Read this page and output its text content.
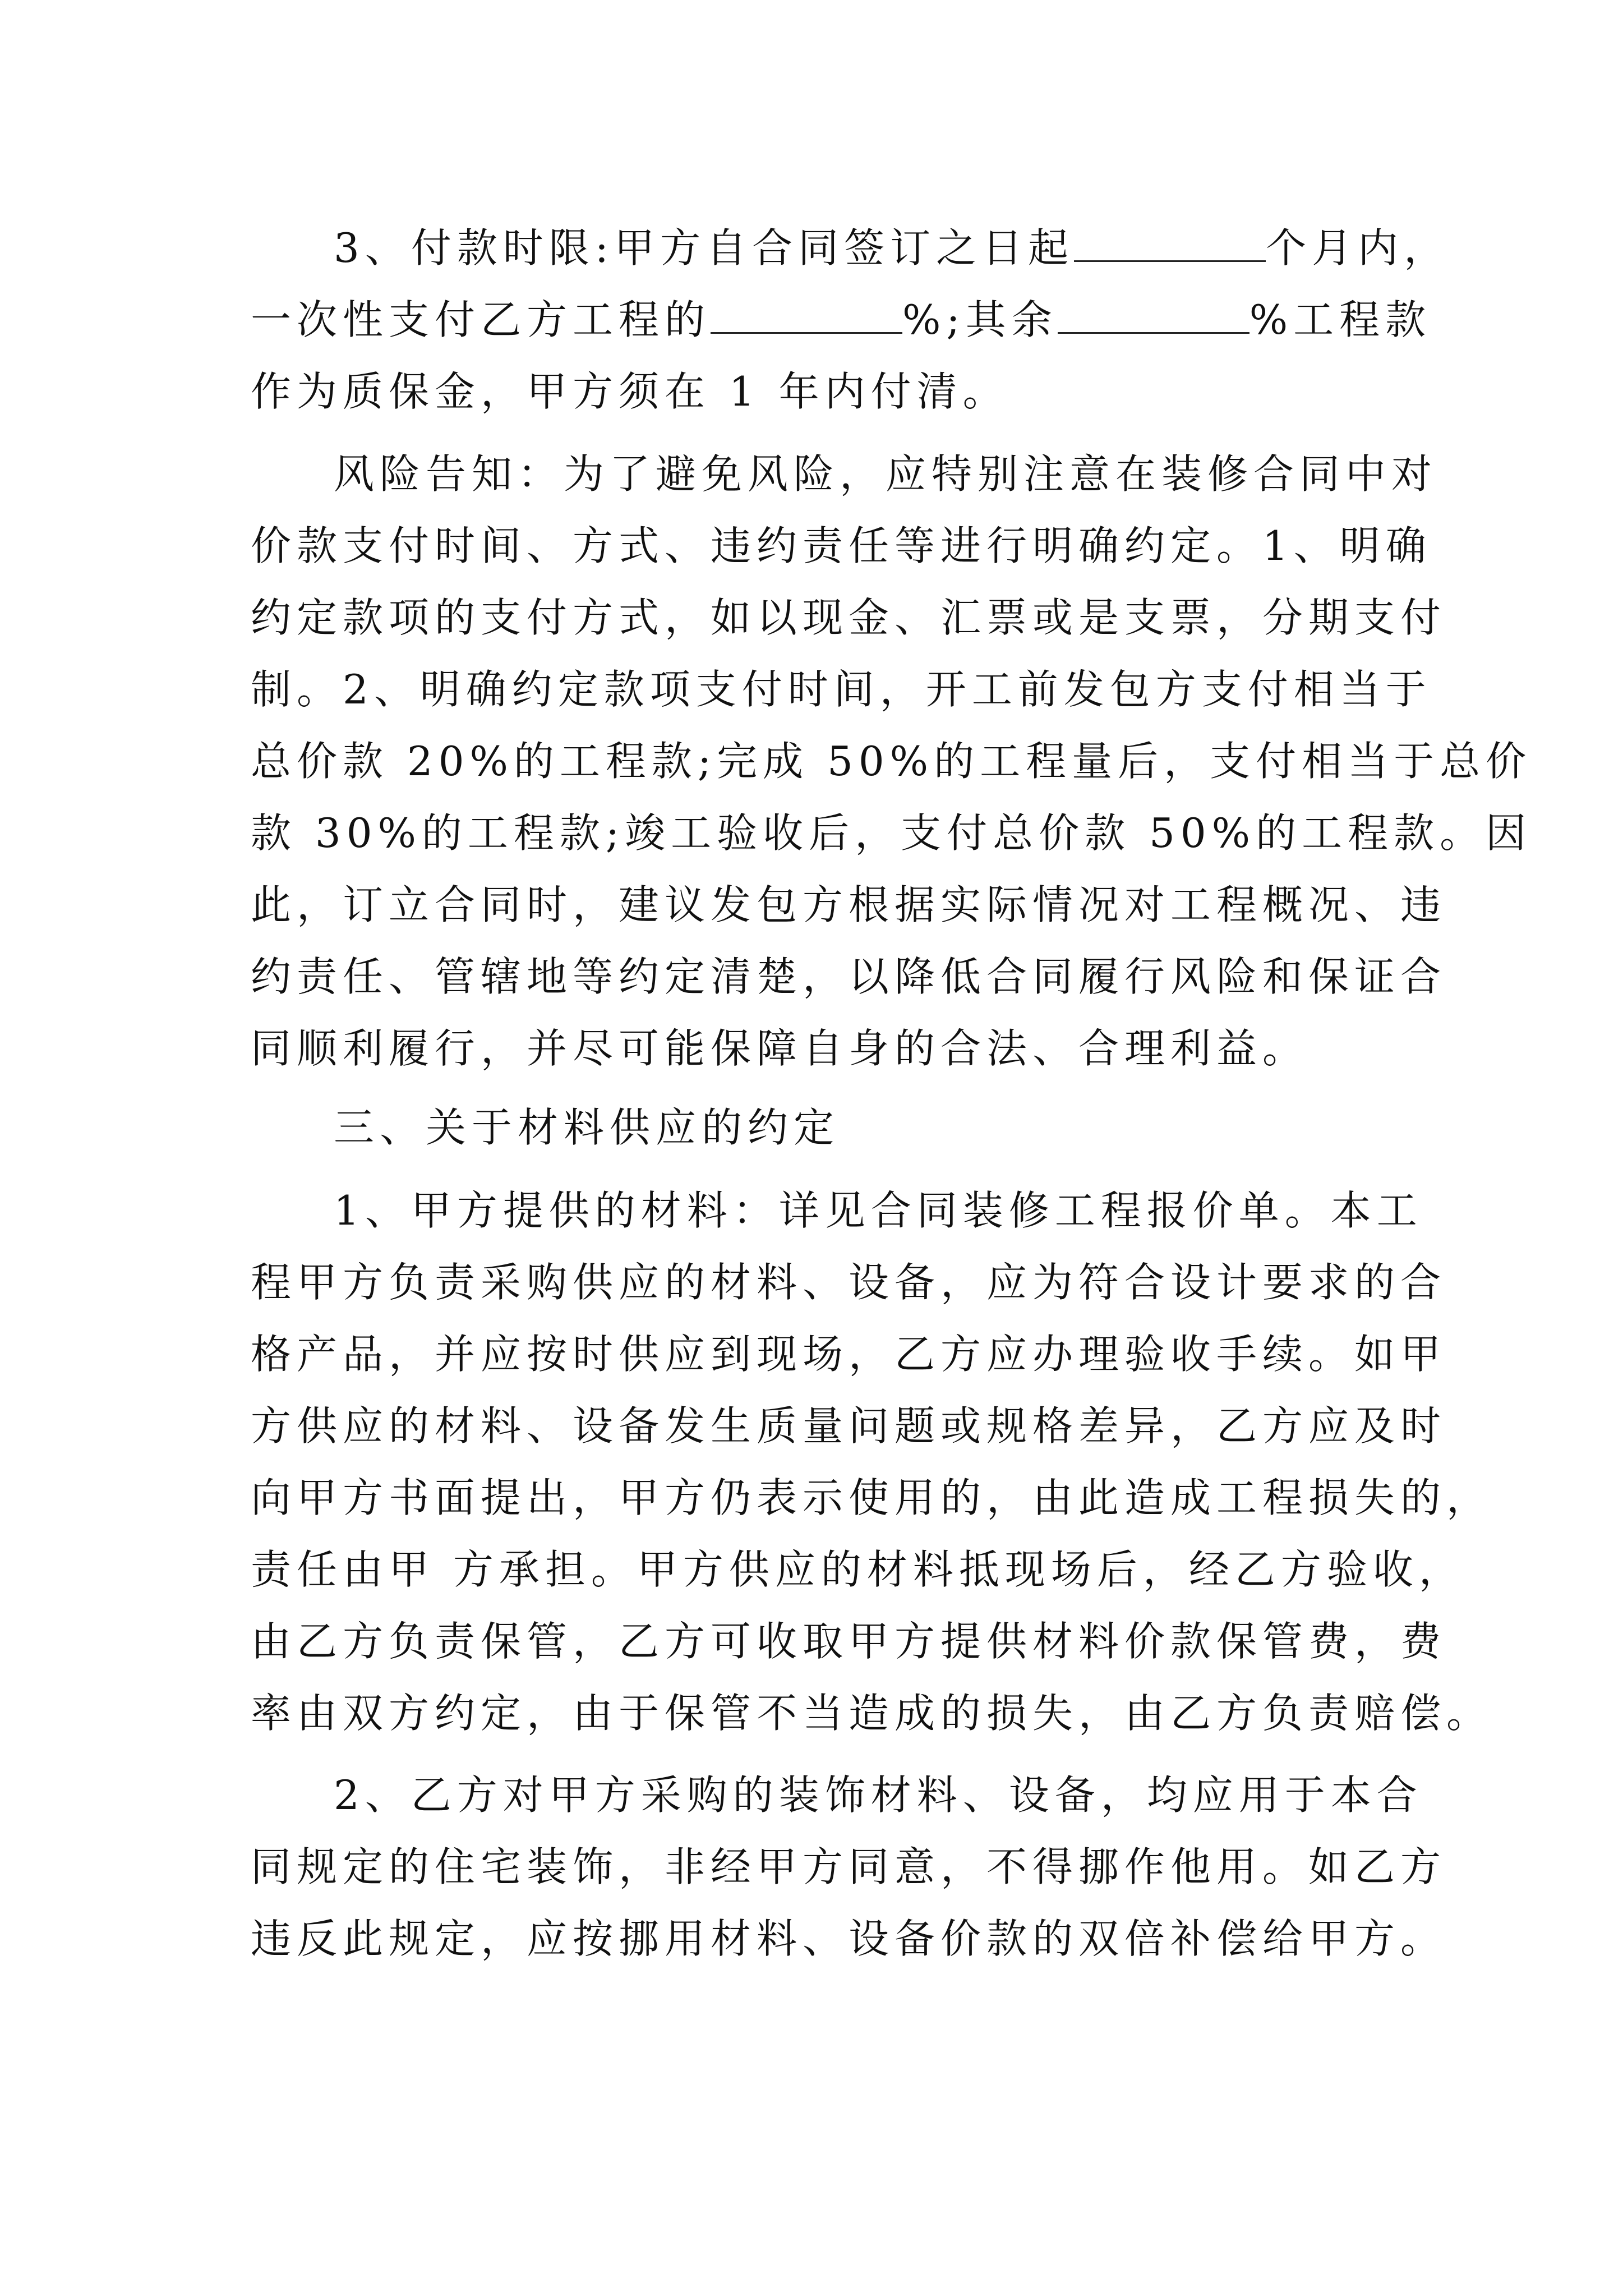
3、付款时限:甲方自合同签订之日起	个月内，
一次性支付乙方工程的	%;其余	%工程款
作为质保金，甲方须在 1 年内付清。
风险告知：为了避免风险，应特别注意在装修合同中对
价款支付时间、方式、违约责任等进行明确约定。1、明确
约定款项的支付方式，如以现金、汇票或是支票，分期支付
制。2、明确约定款项支付时间，开工前发包方支付相当于
总价款 20%的工程款;完成 50%的工程量后，支付相当于总价
款 30%的工程款;竣工验收后，支付总价款 50%的工程款。因
此，订立合同时，建议发包方根据实际情况对工程概况、违
约责任、管辖地等约定清楚，以降低合同履行风险和保证合
同顺利履行，并尽可能保障自身的合法、合理利益。
三、关于材料供应的约定
1、甲方提供的材料：详见合同装修工程报价单。本工
程甲方负责采购供应的材料、设备，应为符合设计要求的合
格产品，并应按时供应到现场，乙方应办理验收手续。如甲
方供应的材料、设备发生质量问题或规格差异，乙方应及时
向甲方书面提出，甲方仍表示使用的，由此造成工程损失的，
责任由甲 方承担。甲方供应的材料抵现场后，经乙方验收，
由乙方负责保管，乙方可收取甲方提供材料价款保管费，费
率由双方约定，由于保管不当造成的损失，由乙方负责赔偿。
2、乙方对甲方采购的装饰材料、设备，均应用于本合
同规定的住宅装饰，非经甲方同意，不得挪作他用。如乙方
违反此规定，应按挪用材料、设备价款的双倍补偿给甲方。
